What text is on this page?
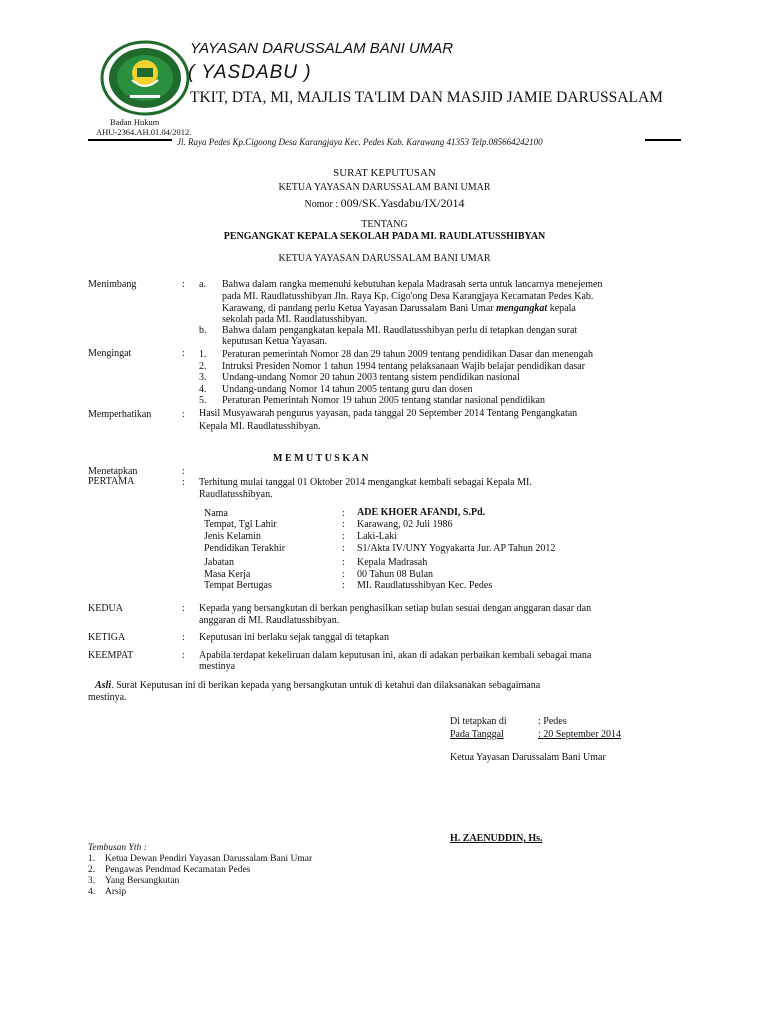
YAYASAN DARUSSALAM BANI UMAR
( YASDABU )
TKIT, DTA, MI, MAJLIS TA'LIM DAN MASJID JAMIE DARUSSALAM
Badan Hukum
AHU-2364.AH.01.04/2012.
Jl. Raya Pedes Kp.Cigoong Desa Karangjaya Kec. Pedes Kab. Karawang 41353 Telp.085664242100
SURAT KEPUTUSAN
KETUA YAYASAN DARUSSALAM BANI UMAR
Nomor : 009/SK.Yasdabu/IX/2014
TENTANG
PENGANGKAT KEPALA SEKOLAH PADA MI. RAUDLATUSSHIBYAN
KETUA YAYASAN DARUSSALAM BANI UMAR
Menimbang	: a. Bahwa dalam rangka memenuhi kebutuhan kepala Madrasah serta untuk lancarnya menejemen
pada MI. Raudlatusshibyan Jln. Raya Kp. Cigo'ong Desa Karangjaya Kecamatan Pedes Kab.
Karawang, di pandang perlu Ketua Yayasan Darussalam Bani Umar mengangkat kepala
sekolah pada MI. Raudlatusshibyan.
b. Bahwa dalam pengangkatan kepala MI. Raudlatusshibyan perlu di tetapkan dengan surat
keputusan Ketua Yayasan.
Mengingat	: 1. Peraturan pemerintah Nomor 28 dan 29 tahun 2009 tentang pendidikan Dasar dan menengah
2. Intruksi Presiden Nomor 1 tahun 1994 tentang pelaksanaan Wajib belajar pendidikan dasar
3. Undang-undang Nomor 20 tahun 2003 tentang sistem pendidikan nasional
4. Undang-undang Nomor 14 tahun 2005 tentang guru dan dosen
5. Peraturan Pemerintah Nomor 19 tahun 2005 tentang standar nasional pendidikan
Memperhatikan	: Hasil Musyawarah pengurus yayasan, pada tanggal 20 September 2014 Tentang Pengangkatan
Kepala MI. Raudlatusshibyan.
M E M U T U S K A N
Menetapkan	:
PERTAMA	: Terhitung mulai tanggal 01 Oktober 2014 mengangkat kembali sebagai Kepala MI.
Raudlatusshibyan.
Nama	: ADE KHOER AFANDI, S.Pd.
Tempat, Tgl Lahir	: Karawang, 02 Juli 1986
Jenis Kelamin	: Laki-Laki
Pendidikan Terakhir	: S1/Akta IV/UNY Yogyakarta Jur. AP Tahun 2012
Jabatan	: Kepala Madrasah
Masa Kerja	: 00 Tahun 08 Bulan
Tempat Bertugas	: MI. Raudlatusshibyan Kec. Pedes
KEDUA	: Kepada yang bersangkutan di berkan penghasilkan setiap bulan sesuai dengan anggaran dasar dan
anggaran di MI. Raudlatusshibyan.
KETIGA	: Keputusan ini berlaku sejak tanggal di tetapkan
KEEMPAT	: Apabila terdapat kekeliruan dalam keputusan ini, akan di adakan perbaikan kembali sebagai mana
mestinya
Asli. Surat Keputusan ini di berikan kepada yang bersangkutan untuk di ketahui dan dilaksanakan sebagaimana
mestinya.
Di tetapkan di	: Pedes
Pada Tanggal	: 20 September 2014
Ketua Yayasan Darussalam Bani Umar
H. ZAENUDDIN, Hs.
Tembusan Yth :
1. Ketua Dewan Pendiri Yayasan Darussalam Bani Umar
2. Pengawas Pendmad Kecamatan Pedes
3. Yang Bersangkutan
4. Arsip
